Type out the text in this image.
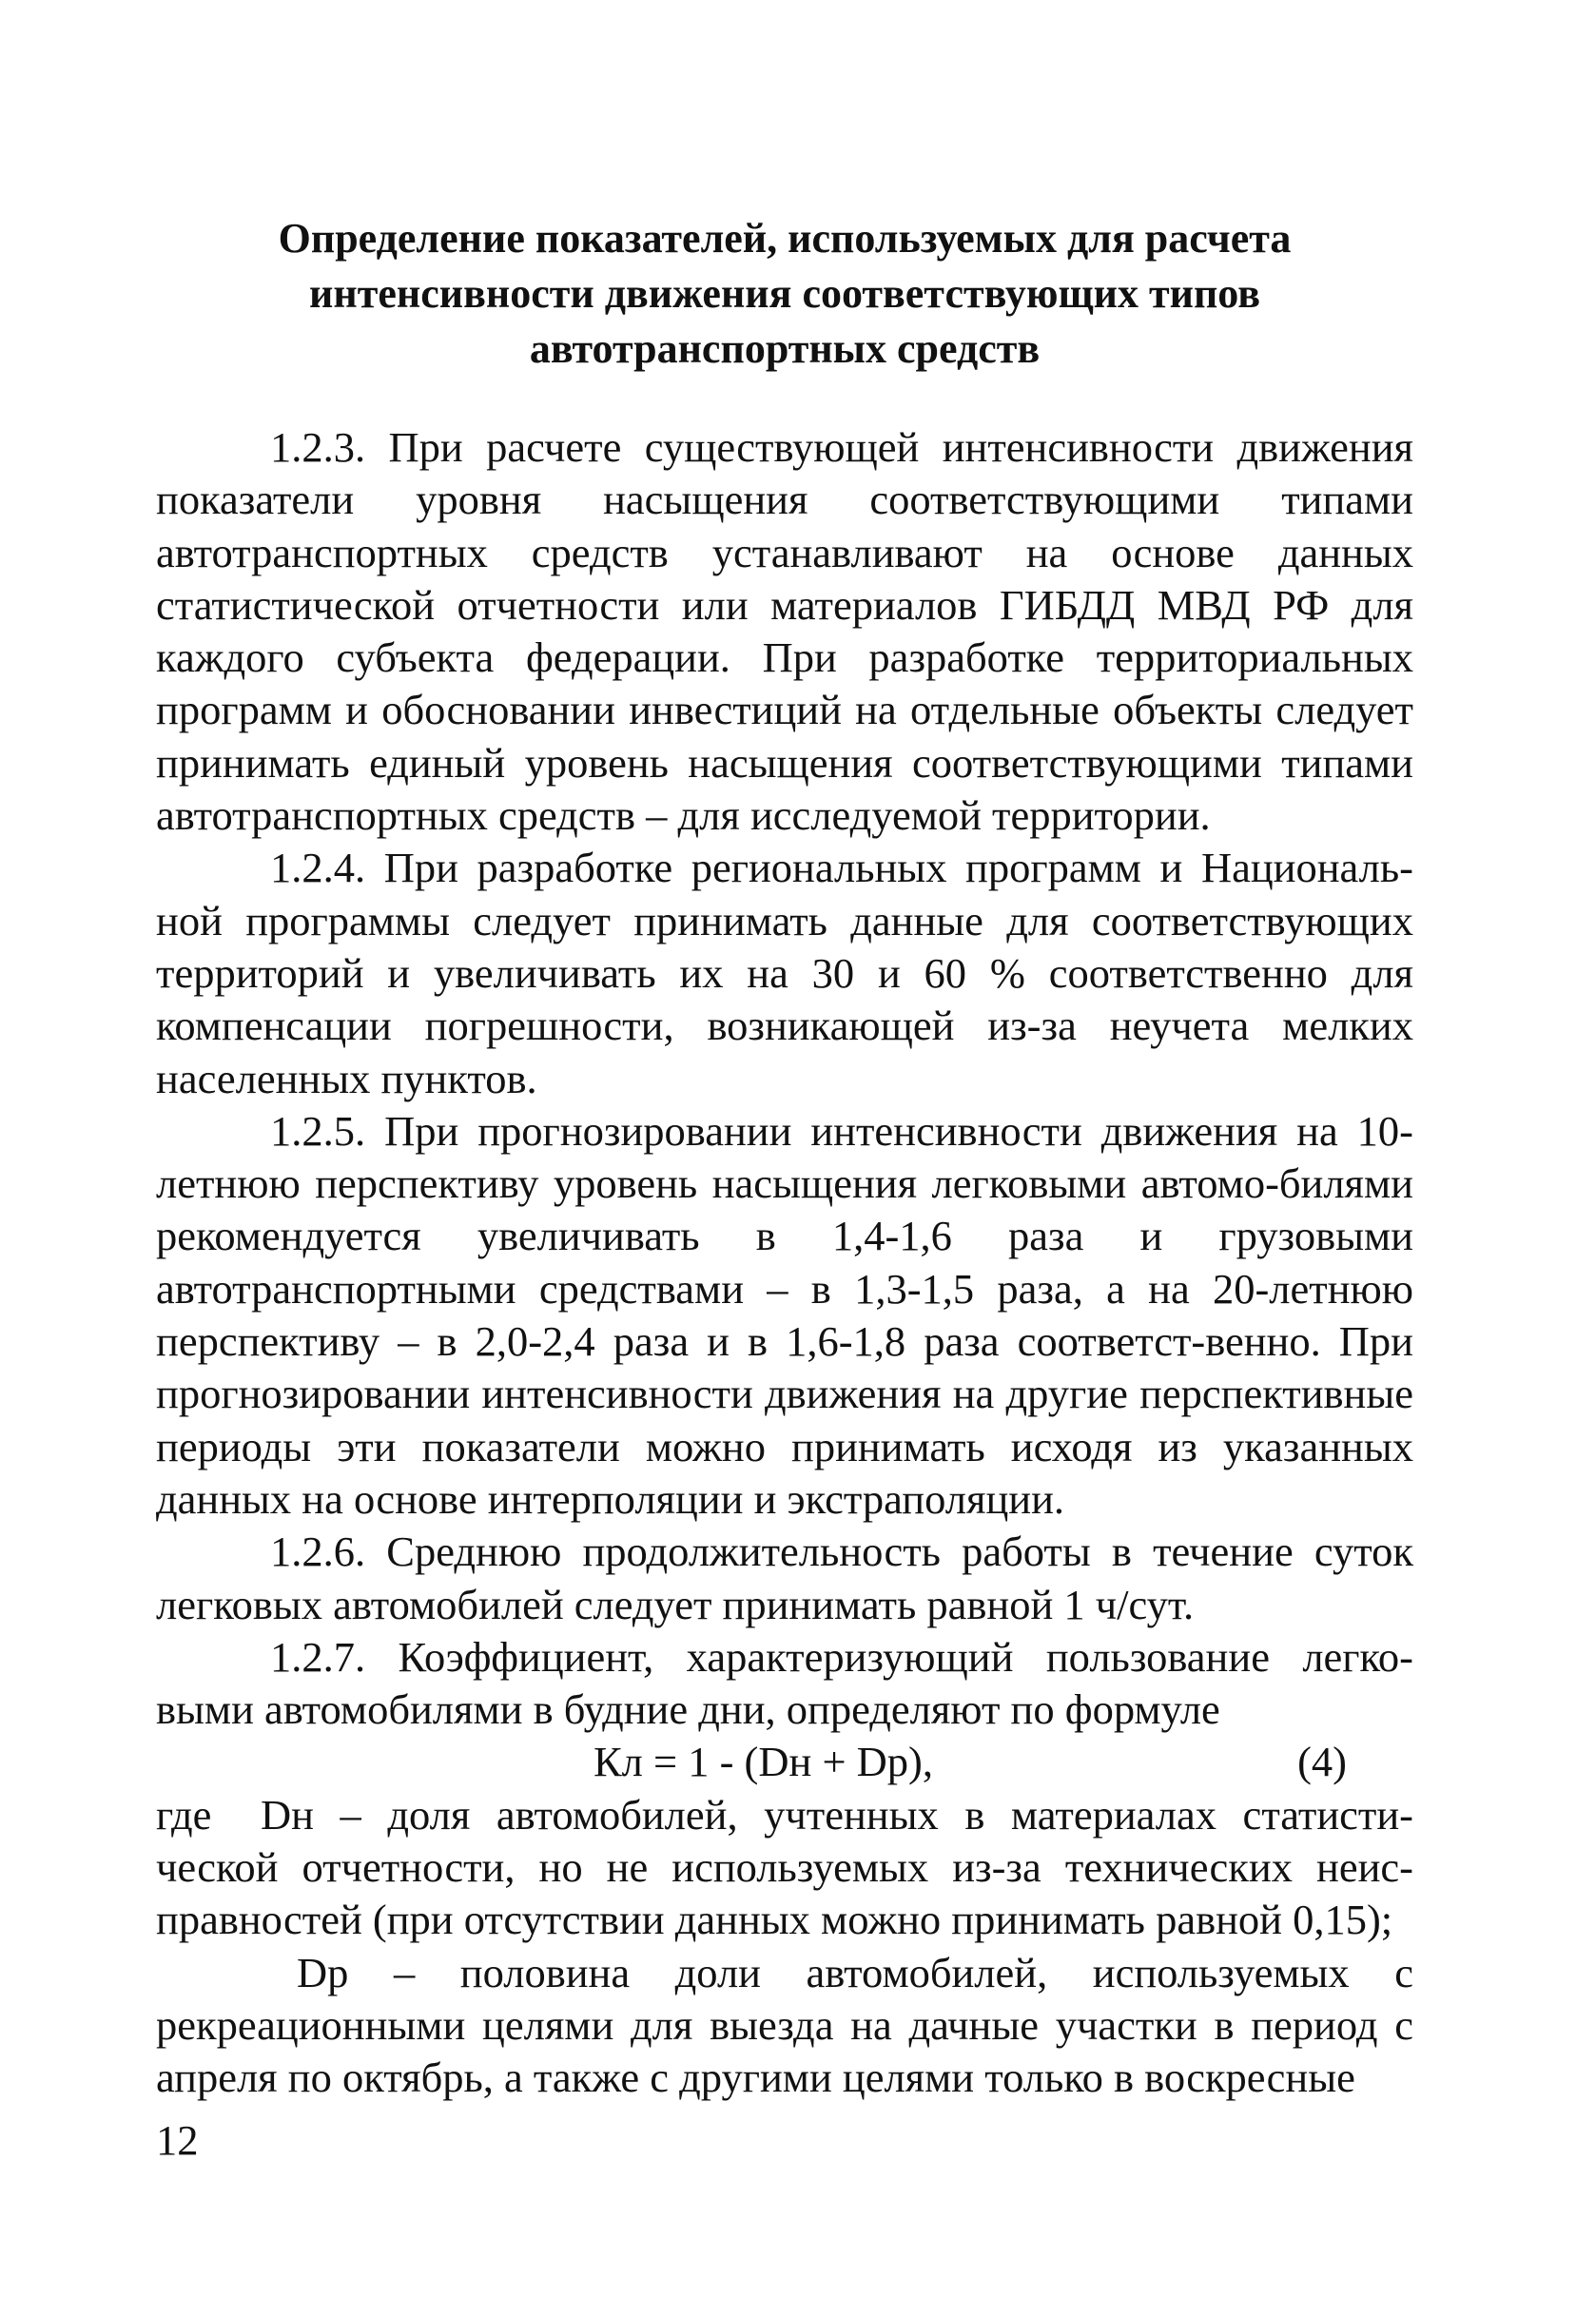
Определение показателей, используемых для расчета
интенсивности движения соответствующих типов
автотранспортных средств

1.2.3. При расчете существующей интенсивности движения показатели уровня насыщения соответствующими типами автотранспортных средств устанавливают на основе данных статистической отчетности или материалов ГИБДД МВД РФ для каждого субъекта федерации. При разработке территориальных программ и обосновании инвестиций на отдельные объекты следует принимать единый уровень насыщения соответствующими типами автотранспортных средств – для исследуемой территории.

1.2.4. При разработке региональных программ и Националь-ной программы следует принимать данные для соответствующих территорий и увеличивать их на 30 и 60 % соответственно для компенсации погрешности, возникающей из-за неучета мелких населенных пунктов.

1.2.5. При прогнозировании интенсивности движения на 10-летнюю перспективу уровень насыщения легковыми автомо-билями рекомендуется увеличивать в 1,4-1,6 раза и грузовыми автотранспортными средствами – в 1,3-1,5 раза, а на 20-летнюю перспективу – в 2,0-2,4 раза и в 1,6-1,8 раза соответст-венно. При прогнозировании интенсивности движения на другие перспективные периоды эти показатели можно принимать исходя из указанных данных на основе интерполяции и экстраполяции.

1.2.6. Среднюю продолжительность работы в течение суток легковых автомобилей следует принимать равной 1 ч/сут.

1.2.7. Коэффициент, характеризующий пользование легко-выми автомобилями в будние дни, определяют по формуле

Кл = 1 - (Dн + Dр),	(4)

где Dн – доля автомобилей, учтенных в материалах статисти-ческой отчетности, но не используемых из-за технических неис-правностей (при отсутствии данных можно принимать равной 0,15);

Dр – половина доли автомобилей, используемых с рекреационными целями для выезда на дачные участки в период с апреля по октябрь, а также с другими целями только в воскресные

12
